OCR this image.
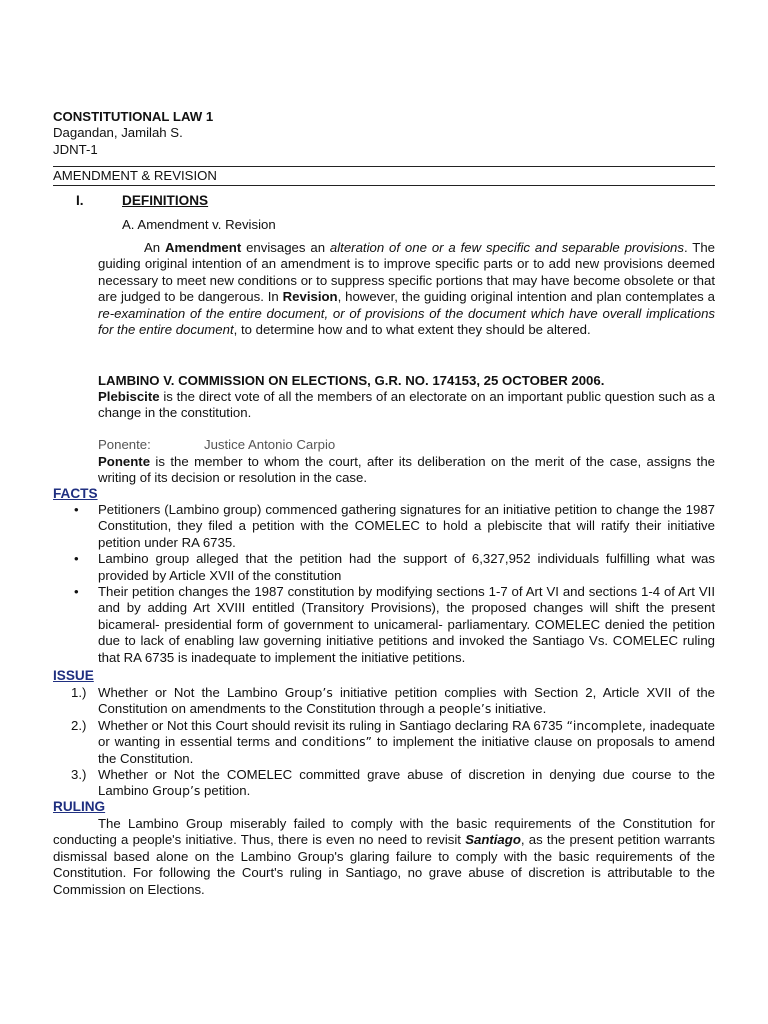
CONSTITUTIONAL LAW 1
Dagandan, Jamilah S.
JDNT-1
AMENDMENT & REVISION
I.	DEFINITIONS
A. Amendment v. Revision
An Amendment envisages an alteration of one or a few specific and separable provisions. The guiding original intention of an amendment is to improve specific parts or to add new provisions deemed necessary to meet new conditions or to suppress specific portions that may have become obsolete or that are judged to be dangerous. In Revision, however, the guiding original intention and plan contemplates a re-examination of the entire document, or of provisions of the document which have overall implications for the entire document, to determine how and to what extent they should be altered.
LAMBINO V. COMMISSION ON ELECTIONS, G.R. NO. 174153, 25 OCTOBER 2006.
Plebiscite is the direct vote of all the members of an electorate on an important public question such as a change in the constitution.
Ponente:	Justice Antonio Carpio
Ponente is the member to whom the court, after its deliberation on the merit of the case, assigns the writing of its decision or resolution in the case.
FACTS
• Petitioners (Lambino group) commenced gathering signatures for an initiative petition to change the 1987 Constitution, they filed a petition with the COMELEC to hold a plebiscite that will ratify their initiative petition under RA 6735.
• Lambino group alleged that the petition had the support of 6,327,952 individuals fulfilling what was provided by Article XVII of the constitution
• Their petition changes the 1987 constitution by modifying sections 1-7 of Art VI and sections 1-4 of Art VII and by adding Art XVIII entitled (Transitory Provisions), the proposed changes will shift the present bicameral- presidential form of government to unicameral- parliamentary. COMELEC denied the petition due to lack of enabling law governing initiative petitions and invoked the Santiago Vs. COMELEC ruling that RA 6735 is inadequate to implement the initiative petitions.
ISSUE
1.) Whether or Not the Lambino Group’s initiative petition complies with Section 2, Article XVII of the Constitution on amendments to the Constitution through a people’s initiative.
2.) Whether or Not this Court should revisit its ruling in Santiago declaring RA 6735 “incomplete, inadequate or wanting in essential terms and conditions” to implement the initiative clause on proposals to amend the Constitution.
3.) Whether or Not the COMELEC committed grave abuse of discretion in denying due course to the Lambino Group’s petition.
RULING
The Lambino Group miserably failed to comply with the basic requirements of the Constitution for conducting a people's initiative. Thus, there is even no need to revisit Santiago, as the present petition warrants dismissal based alone on the Lambino Group's glaring failure to comply with the basic requirements of the Constitution. For following the Court's ruling in Santiago, no grave abuse of discretion is attributable to the Commission on Elections.
